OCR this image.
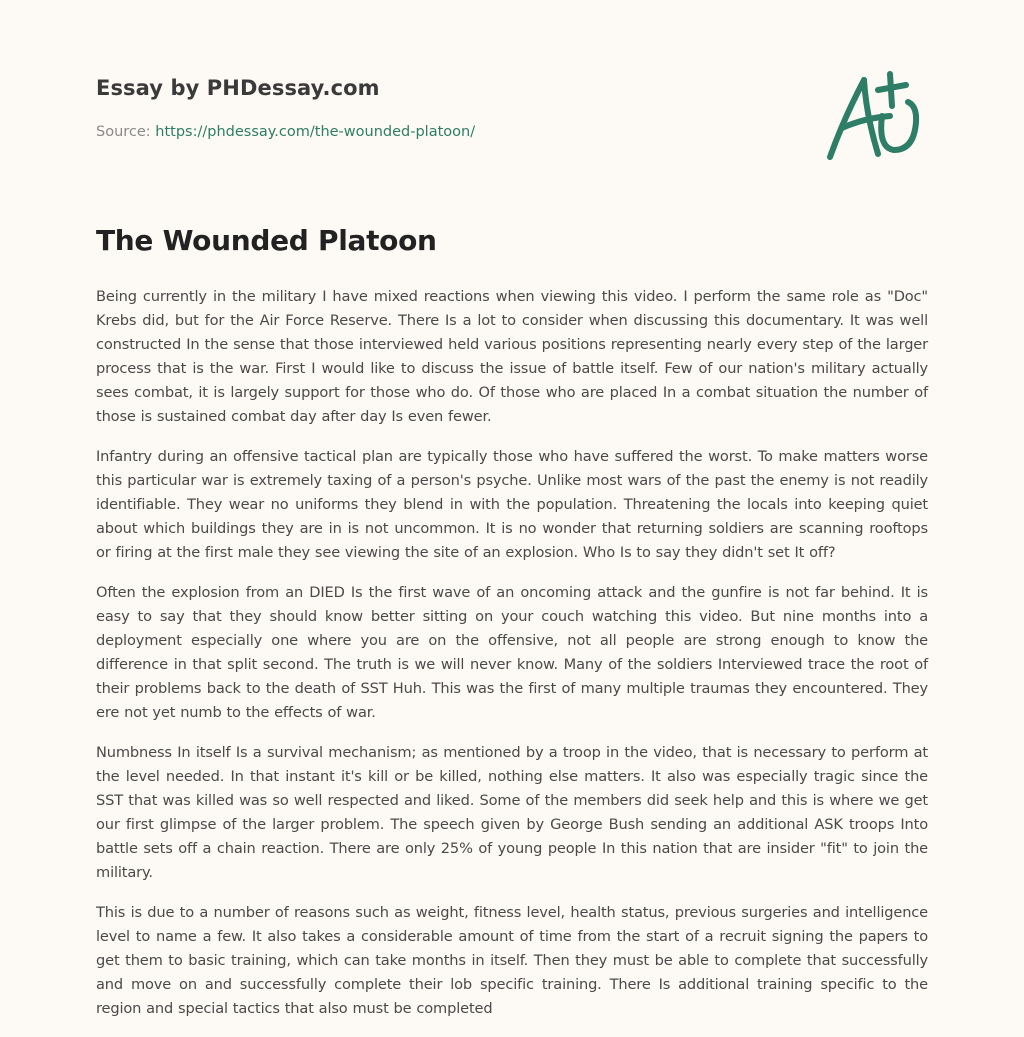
Essay by PHDessay.com
Source: https://phdessay.com/the-wounded-platoon/
The Wounded Platoon

Being currently in the military I have mixed reactions when viewing this video. I perform the same role as "Doc" Krebs did, but for the Air Force Reserve. There Is a lot to consider when discussing this documentary. It was well constructed In the sense that those interviewed held various positions representing nearly every step of the larger process that is the war. First I would like to discuss the issue of battle itself. Few of our nation's military actually sees combat, it is largely support for those who do. Of those who are placed In a combat situation the number of those is sustained combat day after day Is even fewer.

Infantry during an offensive tactical plan are typically those who have suffered the worst. To make matters worse this particular war is extremely taxing of a person's psyche. Unlike most wars of the past the enemy is not readily identifiable. They wear no uniforms they blend in with the population. Threatening the locals into keeping quiet about which buildings they are in is not uncommon. It is no wonder that returning soldiers are scanning rooftops or firing at the first male they see viewing the site of an explosion. Who Is to say they didn't set It off?

Often the explosion from an DIED Is the first wave of an oncoming attack and the gunfire is not far behind. It is easy to say that they should know better sitting on your couch watching this video. But nine months into a deployment especially one where you are on the offensive, not all people are strong enough to know the difference in that split second. The truth is we will never know. Many of the soldiers Interviewed trace the root of their problems back to the death of SST Huh. This was the first of many multiple traumas they encountered. They ere not yet numb to the effects of war.

Numbness In itself Is a survival mechanism; as mentioned by a troop in the video, that is necessary to perform at the level needed. In that instant it's kill or be killed, nothing else matters. It also was especially tragic since the SST that was killed was so well respected and liked. Some of the members did seek help and this is where we get our first glimpse of the larger problem. The speech given by George Bush sending an additional ASK troops Into battle sets off a chain reaction. There are only 25% of young people In this nation that are insider "fit" to join the military.

This is due to a number of reasons such as weight, fitness level, health status, previous surgeries and intelligence level to name a few. It also takes a considerable amount of time from the start of a recruit signing the papers to get them to basic training, which can take months in itself. Then they must be able to complete that successfully and move on and successfully complete their lob specific training. There Is additional training specific to the region and special tactics that also must be completed
